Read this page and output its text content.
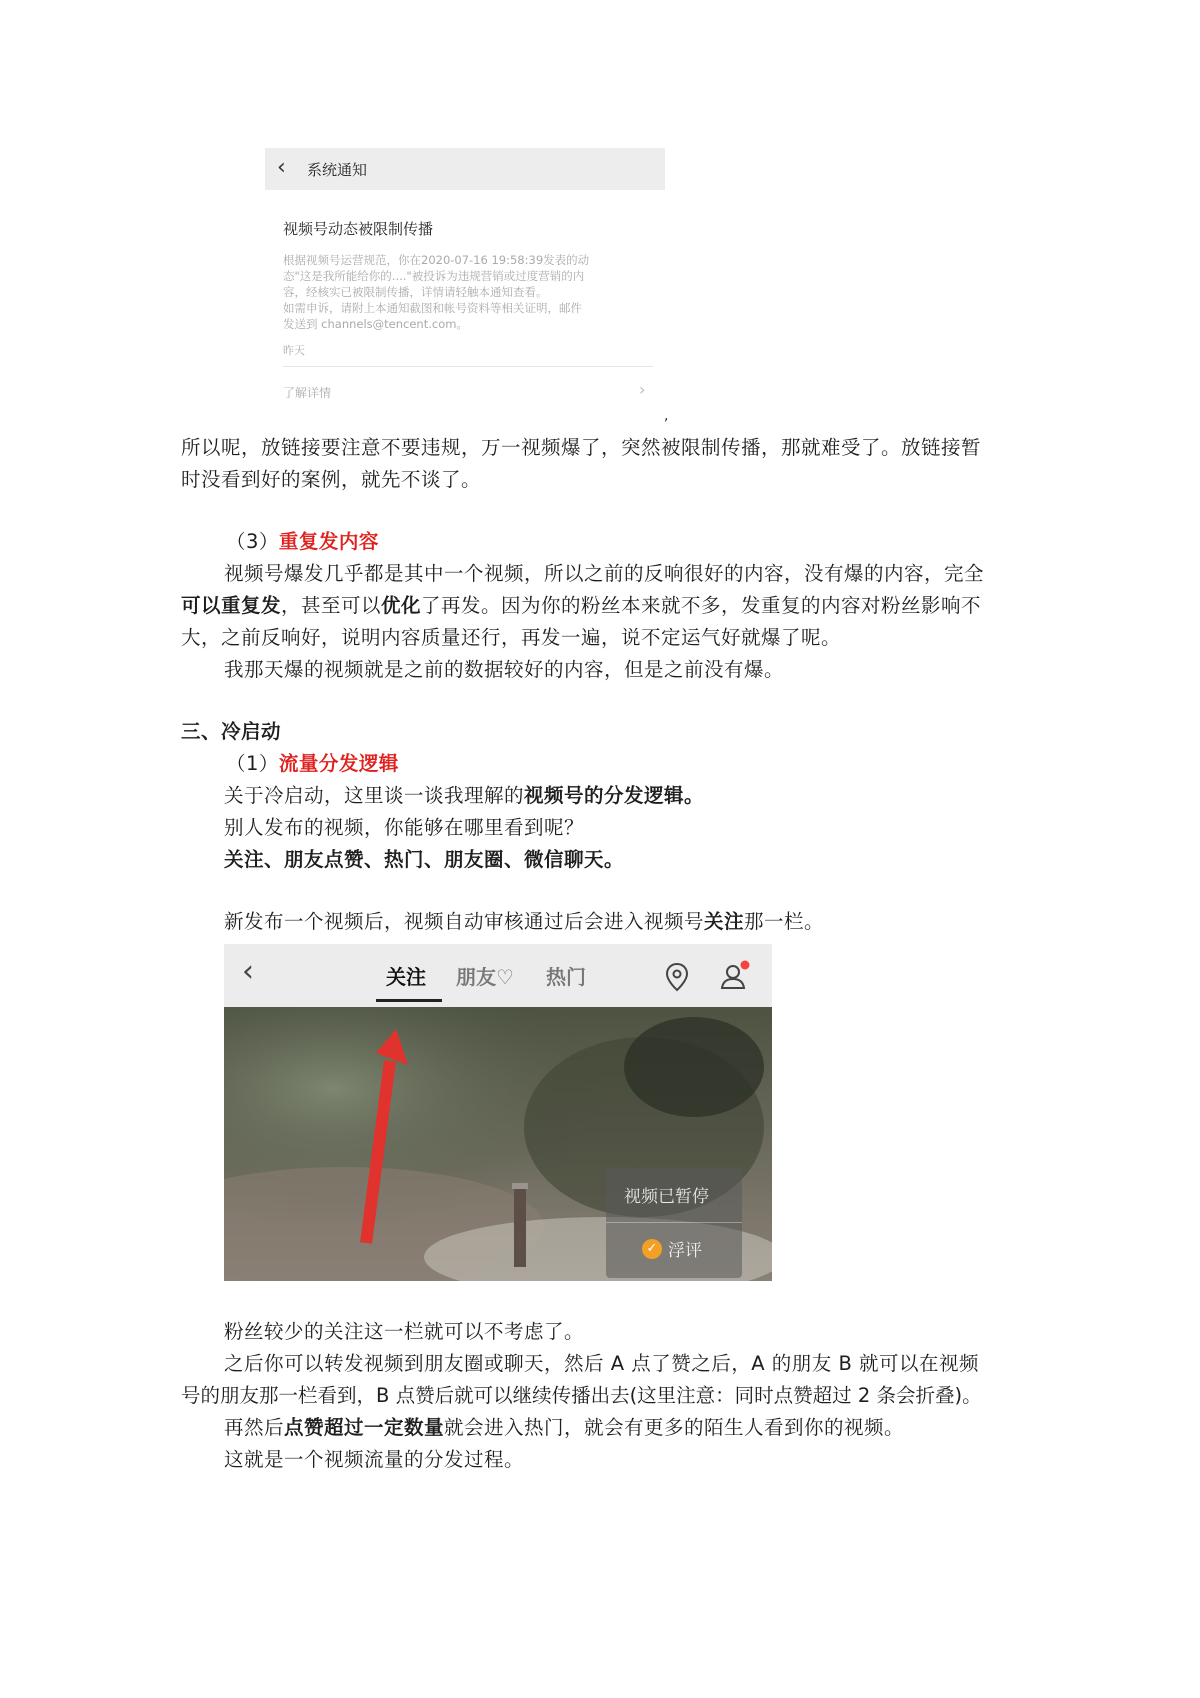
‹ 系统通知
视频号动态被限制传播
根据视频号运营规范，你在2020-07-16 19:58:39发表的动
态"这是我所能给你的...."被投诉为违规营销或过度营销的内
容，经核实已被限制传播，详情请轻触本通知查看。
如需申诉，请附上本通知截图和帐号资料等相关证明，邮件
发送到 channels@tencent.com。
昨天
了解详情	›
,
所以呢，放链接要注意不要违规，万一视频爆了，突然被限制传播，那就难受了。放链接暂
时没看到好的案例，就先不谈了。
（3）重复发内容
视频号爆发几乎都是其中一个视频，所以之前的反响很好的内容，没有爆的内容，完全
可以重复发，甚至可以优化了再发。因为你的粉丝本来就不多，发重复的内容对粉丝影响不
大，之前反响好，说明内容质量还行，再发一遍，说不定运气好就爆了呢。
我那天爆的视频就是之前的数据较好的内容，但是之前没有爆。
三、冷启动
（1）流量分发逻辑
关于冷启动，这里谈一谈我理解的视频号的分发逻辑。
别人发布的视频，你能够在哪里看到呢？
关注、朋友点赞、热门、朋友圈、微信聊天。
新发布一个视频后，视频自动审核通过后会进入视频号关注那一栏。
‹	关注 朋友♡ 热门
视频已暂停
✓ 浮评
粉丝较少的关注这一栏就可以不考虑了。
之后你可以转发视频到朋友圈或聊天，然后 A 点了赞之后，A 的朋友 B 就可以在视频
号的朋友那一栏看到，B 点赞后就可以继续传播出去(这里注意：同时点赞超过 2 条会折叠)。
再然后点赞超过一定数量就会进入热门，就会有更多的陌生人看到你的视频。
这就是一个视频流量的分发过程。
